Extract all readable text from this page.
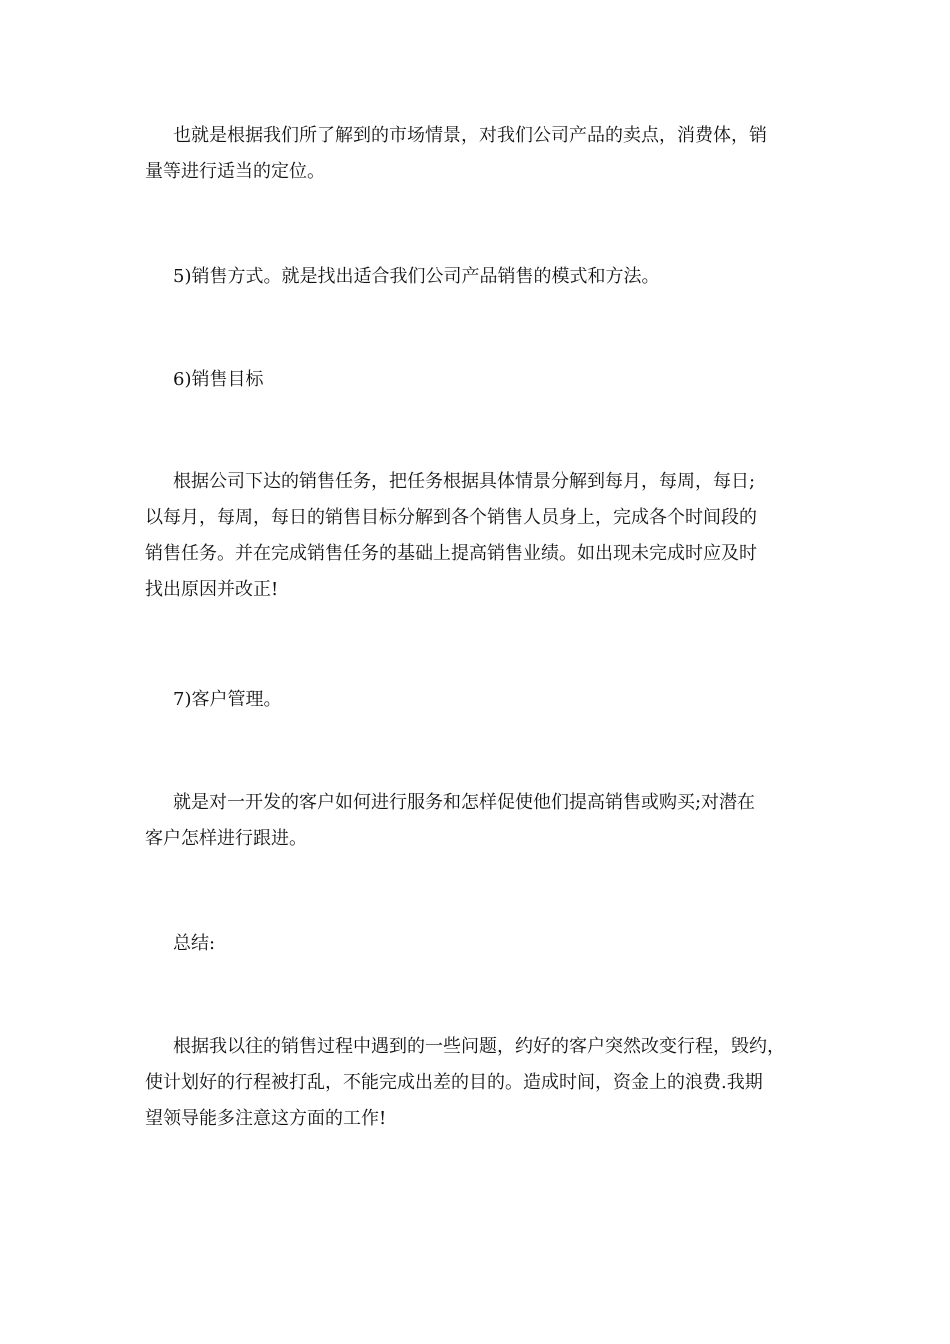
也就是根据我们所了解到的市场情景，对我们公司产品的卖点，消费体，销
量等进行适当的定位。

5)销售方式。就是找出适合我们公司产品销售的模式和方法。

6)销售目标

根据公司下达的销售任务，把任务根据具体情景分解到每月，每周，每日;
以每月，每周，每日的销售目标分解到各个销售人员身上，完成各个时间段的
销售任务。并在完成销售任务的基础上提高销售业绩。如出现未完成时应及时
找出原因并改正!

7)客户管理。

就是对一开发的客户如何进行服务和怎样促使他们提高销售或购买;对潜在
客户怎样进行跟进。

总结:

根据我以往的销售过程中遇到的一些问题，约好的客户突然改变行程，毁约，
使计划好的行程被打乱，不能完成出差的目的。造成时间，资金上的浪费.我期
望领导能多注意这方面的工作!
